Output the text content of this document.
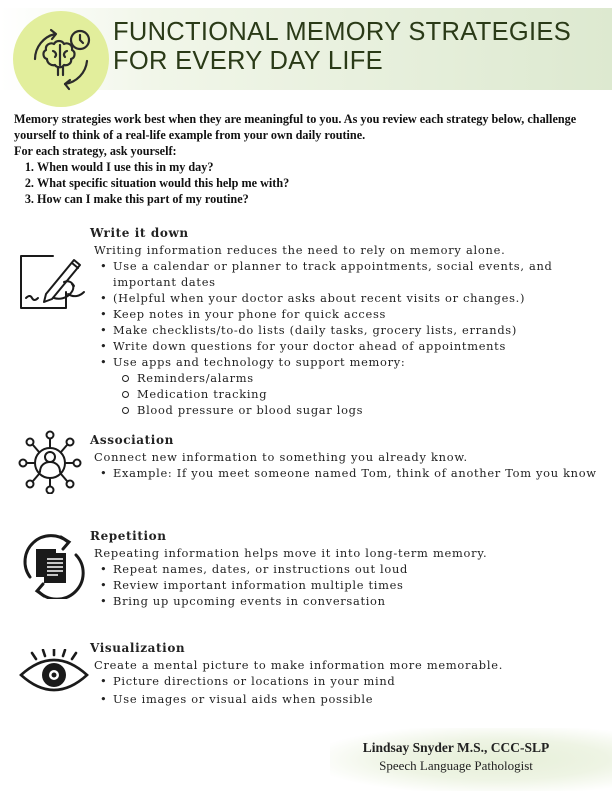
FUNCTIONAL MEMORY STRATEGIES
FOR EVERY DAY LIFE

Memory strategies work best when they are meaningful to you. As you review each strategy below, challenge yourself to think of a real-life example from your own daily routine.

For each strategy, ask yourself:

1. When would I use this in my day?
2. What specific situation would this help me with?
3. How can I make this part of my routine?
Write it down
Writing information reduces the need to rely on memory alone.
• Use a calendar or planner to track appointments, social events, and important dates
• (Helpful when your doctor asks about recent visits or changes.)
• Keep notes in your phone for quick access
• Make checklists/to-do lists (daily tasks, grocery lists, errands)
• Write down questions for your doctor ahead of appointments
• Use apps and technology to support memory:
Reminders/alarms
Medication tracking
Blood pressure or blood sugar logs
Association
Connect new information to something you already know.
• Example: If you meet someone named Tom, think of another Tom you know
Repetition
Repeating information helps move it into long-term memory.
• Repeat names, dates, or instructions out loud
• Review important information multiple times
• Bring up upcoming events in conversation
Visualization
Create a mental picture to make information more memorable.
• Picture directions or locations in your mind
• Use images or visual aids when possible
Lindsay Snyder M.S., CCC-SLP
Speech Language Pathologist
